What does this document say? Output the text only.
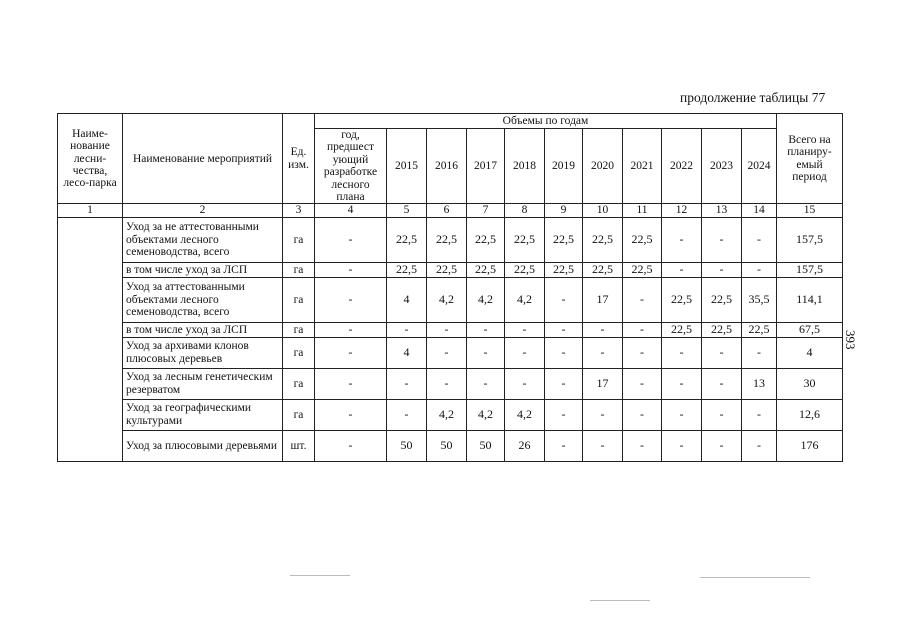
продолжение таблицы 77
393
Наиме-нование лесни-чества, лесо-парка	Наименование мероприятий	Ед. изм.	Объемы по годам											Всего на планиру-емый период
			год, предшест ующий разработке лесного плана	2015	2016	2017	2018	2019	2020	2021	2022	2023	2024	
1	2	3	4	5	6	7	8	9	10	11	12	13	14	15
	Уход за не аттестованными объектами лесного семеноводства, всего	га	-	22,5	22,5	22,5	22,5	22,5	22,5	22,5	-	-	-	157,5
	в том числе уход за ЛСП	га	-	22,5	22,5	22,5	22,5	22,5	22,5	22,5	-	-	-	157,5
	Уход за аттестованными объектами лесного семеноводства, всего	га	-	4	4,2	4,2	4,2	-	17	-	22,5	22,5	35,5	114,1
	в том числе уход за ЛСП	га	-	-	-	-	-	-	-	-	22,5	22,5	22,5	67,5
	Уход за архивами клонов плюсовых деревьев	га	-	4	-	-	-	-	-	-	-	-	-	4
	Уход за лесным генетическим резерватом	га	-	-	-	-	-	-	17	-	-	-	13	30
	Уход за географическими культурами	га	-	-	4,2	4,2	4,2	-	-	-	-	-	-	12,6
	Уход за плюсовыми деревьями	шт.	-	50	50	50	26	-	-	-	-	-	-	176
